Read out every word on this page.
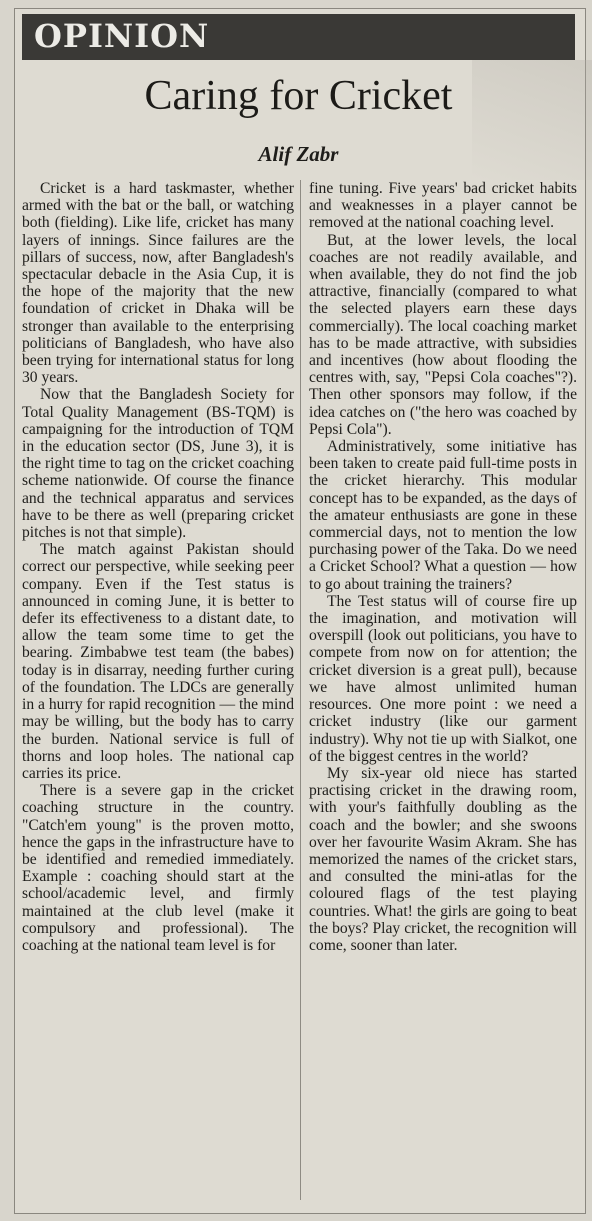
OPINION
Caring for Cricket
Alif Zabr

Cricket is a hard taskmaster, whether armed with the bat or the ball, or watching both (fielding). Like life, cricket has many layers of innings. Since failures are the pillars of success, now, after Bangladesh's spectacular debacle in the Asia Cup, it is the hope of the majority that the new foundation of cricket in Dhaka will be stronger than available to the enterprising politicians of Bangladesh, who have also been trying for international status for long 30 years.

Now that the Bangladesh Society for Total Quality Management (BS-TQM) is campaigning for the introduction of TQM in the education sector (DS, June 3), it is the right time to tag on the cricket coaching scheme nationwide. Of course the finance and the technical apparatus and services have to be there as well (preparing cricket pitches is not that simple).

The match against Pakistan should correct our perspective, while seeking peer company. Even if the Test status is announced in coming June, it is better to defer its effectiveness to a distant date, to allow the team some time to get the bearing. Zimbabwe test team (the babes) today is in disarray, needing further curing of the foundation. The LDCs are generally in a hurry for rapid recognition — the mind may be willing, but the body has to carry the burden. National service is full of thorns and loop holes. The national cap carries its price.

There is a severe gap in the cricket coaching structure in the country. "Catch'em young" is the proven motto, hence the gaps in the infrastructure have to be identified and remedied immediately. Example : coaching should start at the school/academic level, and firmly maintained at the club level (make it compulsory and professional). The coaching at the national team level is for

fine tuning. Five years' bad cricket habits and weaknesses in a player cannot be removed at the national coaching level.

But, at the lower levels, the local coaches are not readily available, and when available, they do not find the job attractive, financially (compared to what the selected players earn these days commercially). The local coaching market has to be made attractive, with subsidies and incentives (how about flooding the centres with, say, "Pepsi Cola coaches"?). Then other sponsors may follow, if the idea catches on ("the hero was coached by Pepsi Cola").

Administratively, some initiative has been taken to create paid full-time posts in the cricket hierarchy. This modular concept has to be expanded, as the days of the amateur enthusiasts are gone in these commercial days, not to mention the low purchasing power of the Taka. Do we need a Cricket School? What a question — how to go about training the trainers?

The Test status will of course fire up the imagination, and motivation will overspill (look out politicians, you have to compete from now on for attention; the cricket diversion is a great pull), because we have almost unlimited human resources. One more point : we need a cricket industry (like our garment industry). Why not tie up with Sialkot, one of the biggest centres in the world?

My six-year old niece has started practising cricket in the drawing room, with your's faithfully doubling as the coach and the bowler; and she swoons over her favourite Wasim Akram. She has memorized the names of the cricket stars, and consulted the mini-atlas for the coloured flags of the test playing countries. What! the girls are going to beat the boys? Play cricket, the recognition will come, sooner than later.
